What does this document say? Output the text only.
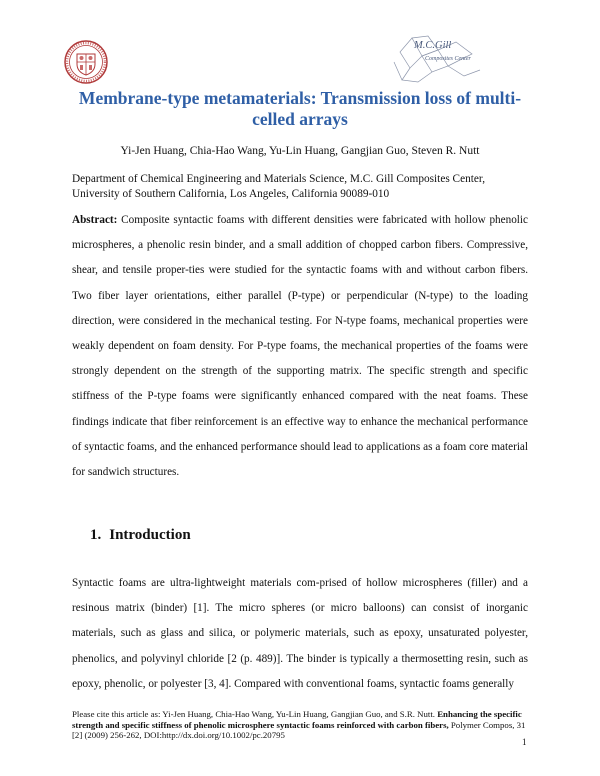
M.C.Gill
Composites Center
Membrane-type metamaterials: Transmission loss of multi-celled arrays
Yi-Jen Huang, Chia-Hao Wang, Yu-Lin Huang, Gangjian Guo, Steven R. Nutt
Department of Chemical Engineering and Materials Science, M.C. Gill Composites Center,
University of Southern California, Los Angeles, California 90089-010
Abstract: Composite syntactic foams with different densities were fabricated with hollow phenolic microspheres, a phenolic resin binder, and a small addition of chopped carbon fibers. Compressive, shear, and tensile proper-ties were studied for the syntactic foams with and without carbon fibers. Two fiber layer orientations, either parallel (P-type) or perpendicular (N-type) to the loading direction, were considered in the mechanical testing. For N-type foams, mechanical properties were weakly dependent on foam density. For P-type foams, the mechanical properties of the foams were strongly dependent on the strength of the supporting matrix. The specific strength and specific stiffness of the P-type foams were significantly enhanced compared with the neat foams. These findings indicate that fiber reinforcement is an effective way to enhance the mechanical performance of syntactic foams, and the enhanced performance should lead to applications as a foam core material for sandwich structures.
1. Introduction
Syntactic foams are ultra-lightweight materials com-prised of hollow microspheres (filler) and a resinous matrix (binder) [1]. The micro spheres (or micro balloons) can consist of inorganic materials, such as glass and silica, or polymeric materials, such as epoxy, unsaturated polyester, phenolics, and polyvinyl chloride [2 (p. 489)]. The binder is typically a thermosetting resin, such as epoxy, phenolic, or polyester [3, 4]. Compared with conventional foams, syntactic foams generally
Please cite this article as: Yi-Jen Huang, Chia-Hao Wang, Yu-Lin Huang, Gangjian Guo, and S.R. Nutt. Enhancing the specific strength and specific stiffness of phenolic microsphere syntactic foams reinforced with carbon fibers, Polymer Compos, 31 [2] (2009) 256-262, DOI:http://dx.doi.org/10.1002/pc.20795
1
